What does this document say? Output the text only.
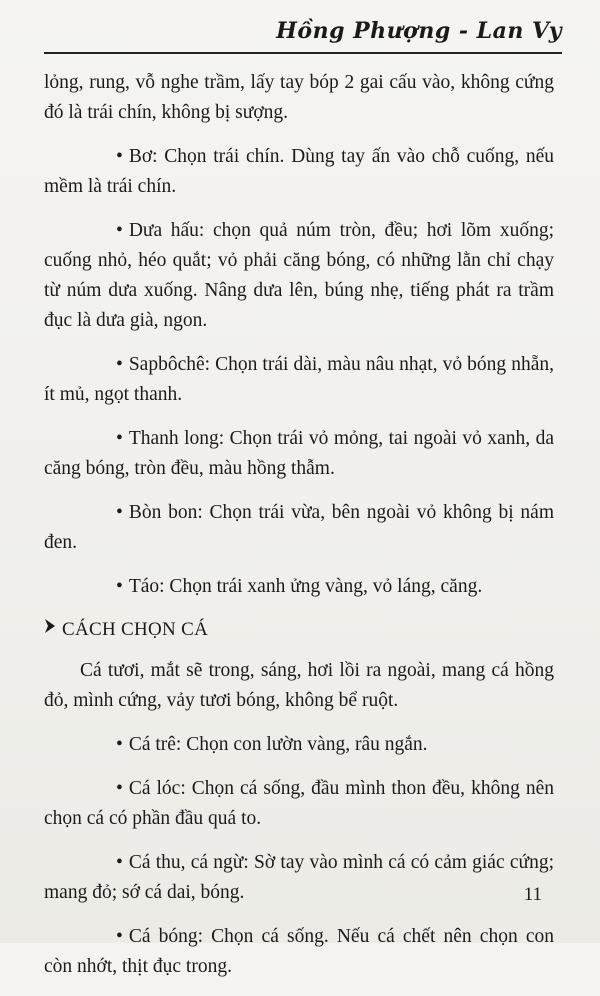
Hồng Phượng - Lan Vy

lỏng, rung, vỗ nghe trầm, lấy tay bóp 2 gai cấu vào, không cứng đó là trái chín, không bị sượng.

• Bơ: Chọn trái chín. Dùng tay ấn vào chỗ cuống, nếu mềm là trái chín.

• Dưa hấu: chọn quả núm tròn, đều; hơi lõm xuống; cuống nhỏ, héo quắt; vỏ phải căng bóng, có những lằn chỉ chạy từ núm dưa xuống. Nâng dưa lên, búng nhẹ, tiếng phát ra trầm đục là dưa già, ngon.

• Sapbôchê: Chọn trái dài, màu nâu nhạt, vỏ bóng nhẵn, ít mủ, ngọt thanh.

• Thanh long: Chọn trái vỏ mỏng, tai ngoài vỏ xanh, da căng bóng, tròn đều, màu hồng thẫm.

• Bòn bon: Chọn trái vừa, bên ngoài vỏ không bị nám đen.

• Táo: Chọn trái xanh ửng vàng, vỏ láng, căng.

CÁCH CHỌN CÁ

Cá tươi, mắt sẽ trong, sáng, hơi lồi ra ngoài, mang cá hồng đỏ, mình cứng, vảy tươi bóng, không bể ruột.

• Cá trê: Chọn con lườn vàng, râu ngắn.

• Cá lóc: Chọn cá sống, đầu mình thon đều, không nên chọn cá có phần đầu quá to.

• Cá thu, cá ngừ: Sờ tay vào mình cá có cảm giác cứng; mang đỏ; sớ cá dai, bóng.

• Cá bóng: Chọn cá sống. Nếu cá chết nên chọn con còn nhớt, thịt đục trong.

11
